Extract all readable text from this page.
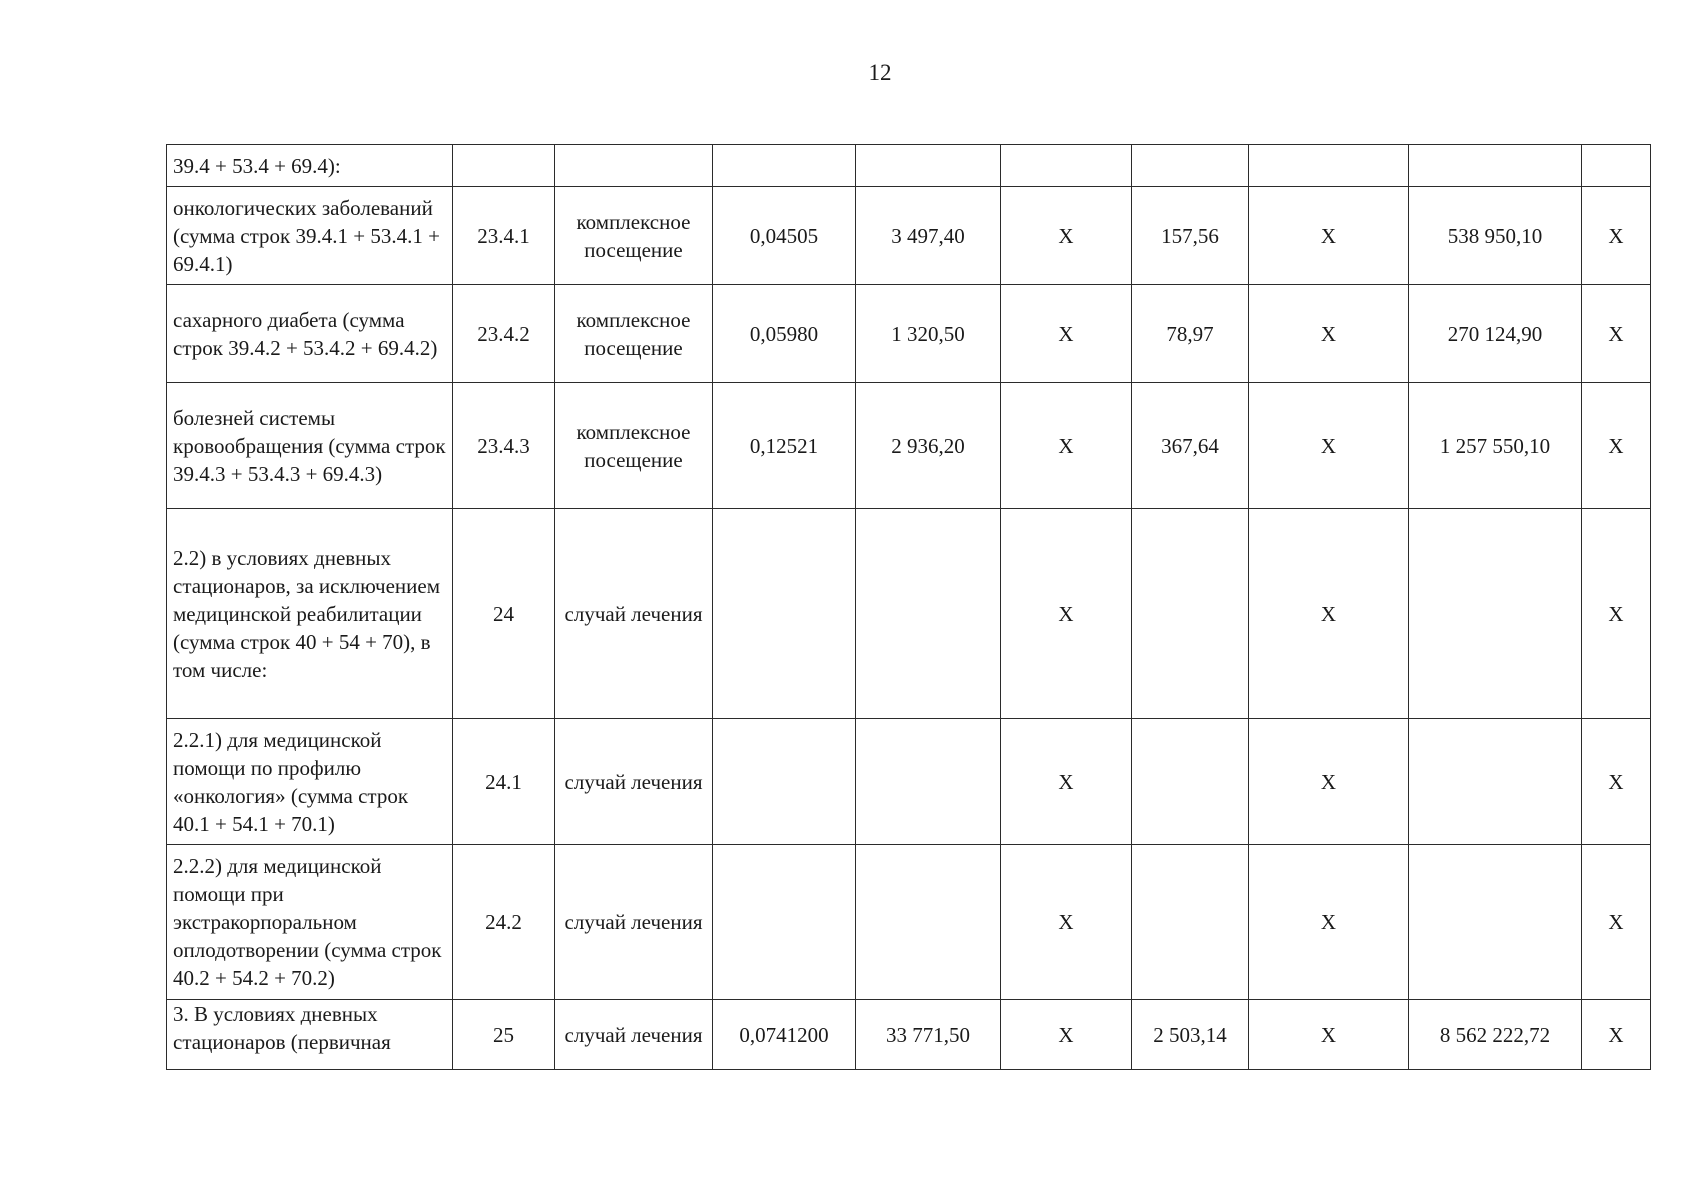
12
39.4 + 53.4 + 69.4):									
онкологических заболеваний (сумма строк 39.4.1 + 53.4.1 + 69.4.1)	23.4.1	комплексное посещение	0,04505	3 497,40	X	157,56	X	538 950,10	X
сахарного диабета (сумма строк 39.4.2 + 53.4.2 + 69.4.2)	23.4.2	комплексное посещение	0,05980	1 320,50	X	78,97	X	270 124,90	X
болезней системы кровообращения (сумма строк 39.4.3 + 53.4.3 + 69.4.3)	23.4.3	комплексное посещение	0,12521	2 936,20	X	367,64	X	1 257 550,10	X
2.2) в условиях дневных стационаров, за исключением медицинской реабилитации (сумма строк 40 + 54 + 70), в том числе:	24	случай лечения			X		X		X
2.2.1) для медицинской помощи по профилю «онкология» (сумма строк 40.1 + 54.1 + 70.1)	24.1	случай лечения			X		X		X
2.2.2) для медицинской помощи при экстракорпоральном оплодотворении (сумма строк 40.2 + 54.2 + 70.2)	24.2	случай лечения			X		X		X
3. В условиях дневных стационаров (первичная	25	случай лечения	0,0741200	33 771,50	X	2 503,14	X	8 562 222,72	X
